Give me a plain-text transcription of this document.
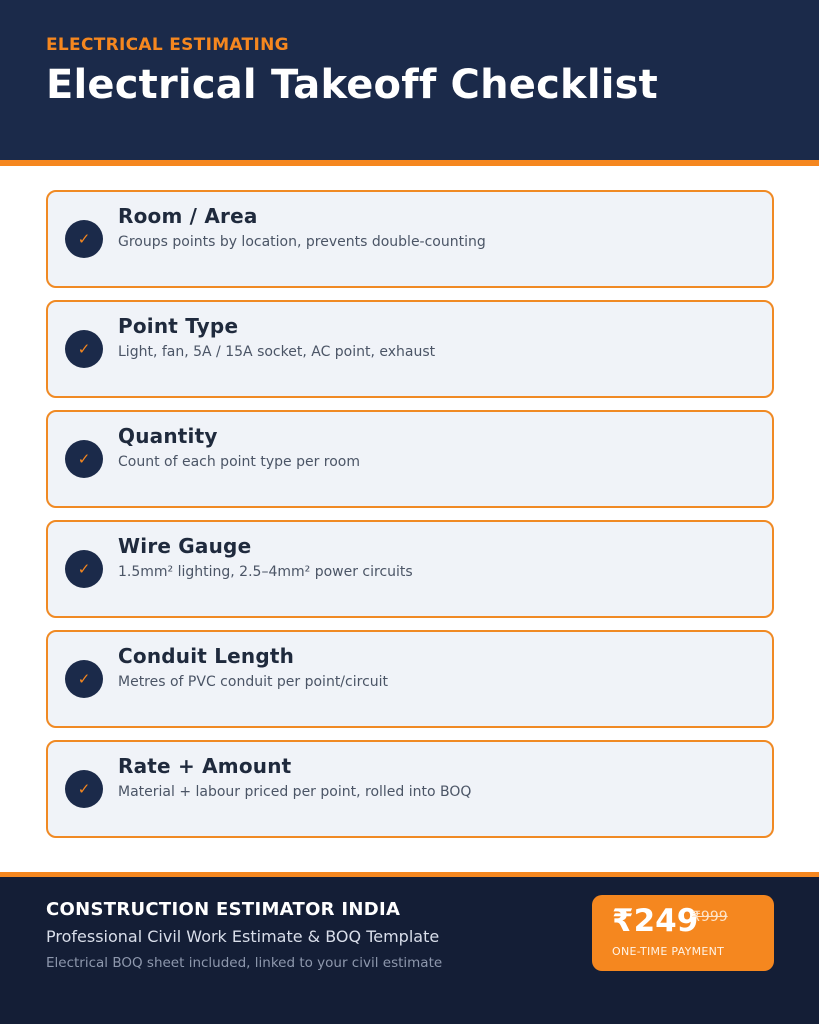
ELECTRICAL ESTIMATING
Electrical Takeoff Checklist
✓
Room / Area
Groups points by location, prevents double-counting
✓
Point Type
Light, fan, 5A / 15A socket, AC point, exhaust
✓
Quantity
Count of each point type per room
✓
Wire Gauge
1.5mm² lighting, 2.5–4mm² power circuits
✓
Conduit Length
Metres of PVC conduit per point/circuit
✓
Rate + Amount
Material + labour priced per point, rolled into BOQ
CONSTRUCTION ESTIMATOR INDIA
Professional Civil Work Estimate & BOQ Template
Electrical BOQ sheet included, linked to your civil estimate
₹249
₹999
ONE-TIME PAYMENT
